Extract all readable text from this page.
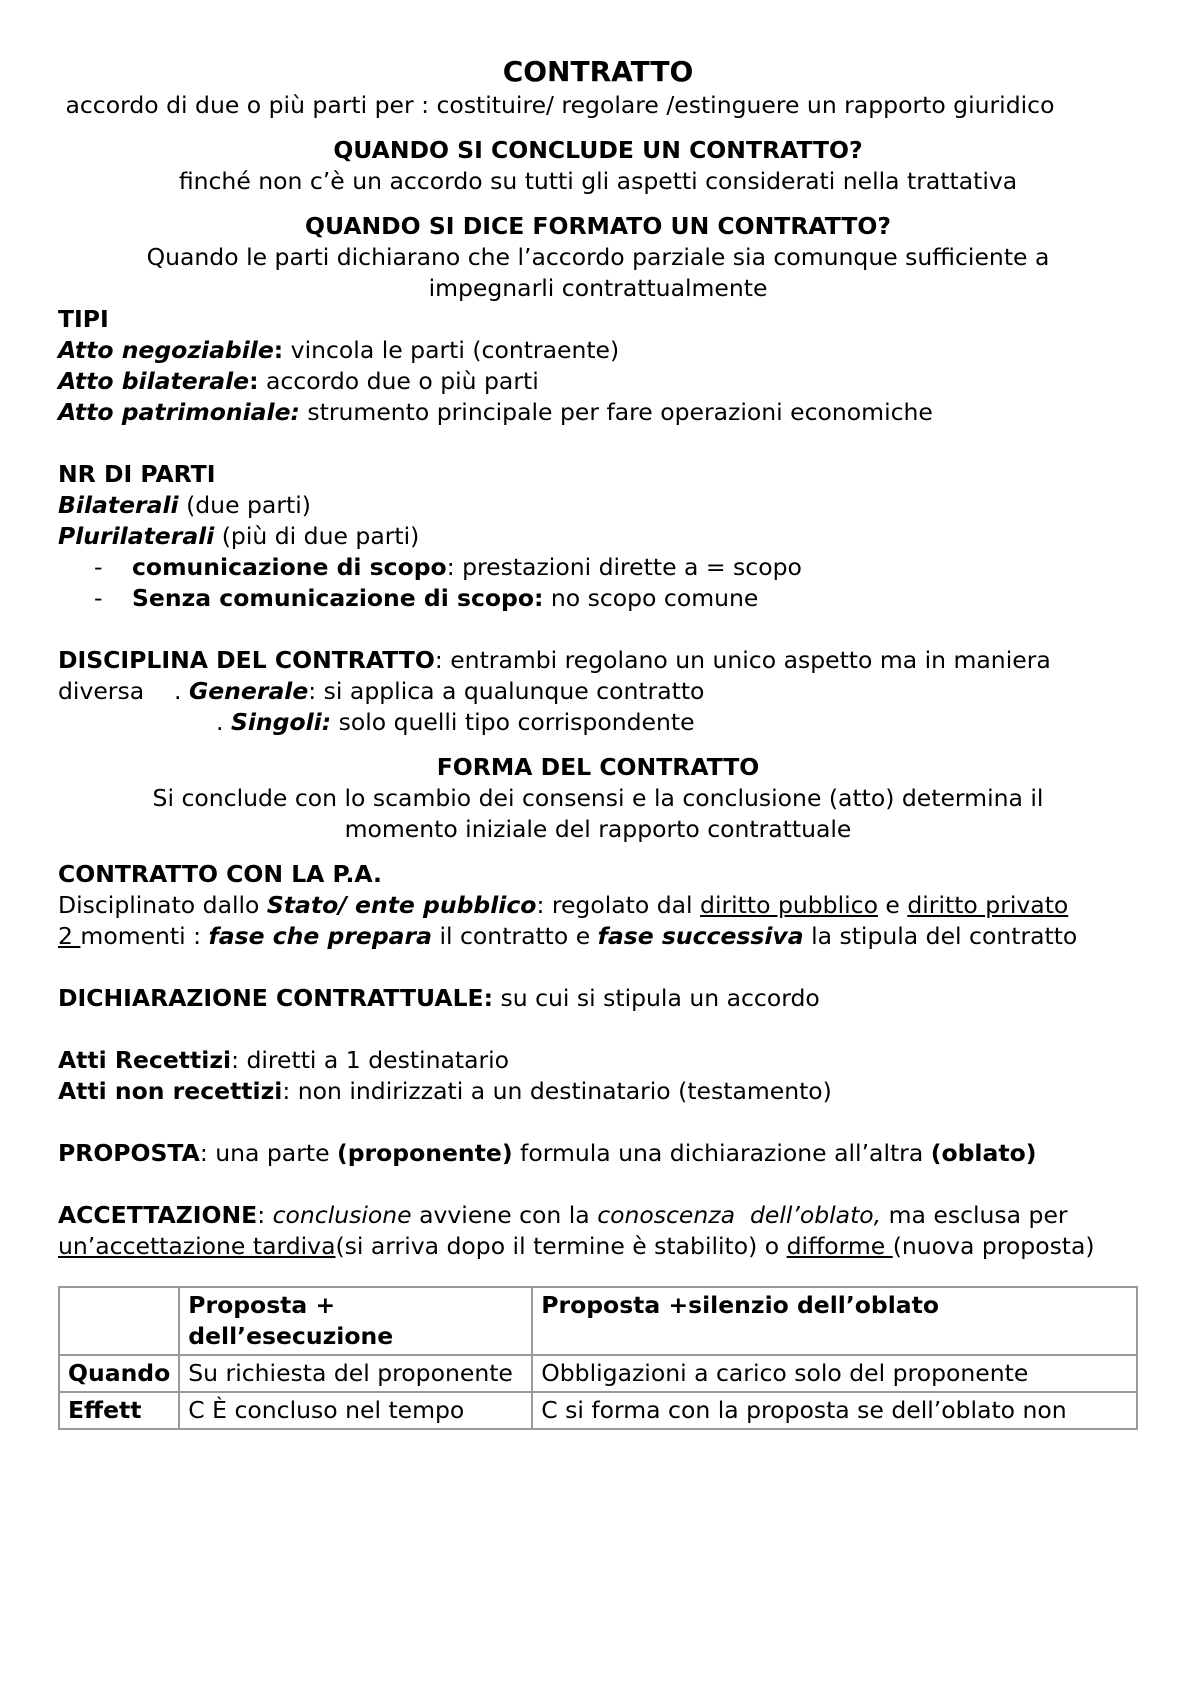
CONTRATTO
accordo di due o più parti per : costituire/ regolare /estinguere un rapporto giuridico
QUANDO SI CONCLUDE UN CONTRATTO?
finché non c’è un accordo su tutti gli aspetti considerati nella trattativa
QUANDO SI DICE FORMATO UN CONTRATTO?
Quando le parti dichiarano che l’accordo parziale sia comunque sufficiente a impegnarli contrattualmente
TIPI
Atto negoziabile: vincola le parti (contraente)
Atto bilaterale: accordo due o più parti
Atto patrimoniale: strumento principale per fare operazioni economiche
NR DI PARTI
Bilaterali (due parti)
Plurilaterali (più di due parti)
- comunicazione di scopo: prestazioni dirette a = scopo
- Senza comunicazione di scopo: no scopo comune
DISCIPLINA DEL CONTRATTO: entrambi regolano un unico aspetto ma in maniera diversa    . Generale: si applica a qualunque contratto
. Singoli: solo quelli tipo corrispondente
FORMA DEL CONTRATTO
Si conclude con lo scambio dei consensi e la conclusione (atto) determina il momento iniziale del rapporto contrattuale
CONTRATTO CON LA P.A.
Disciplinato dallo Stato/ ente pubblico: regolato dal diritto pubblico e diritto privato
2 momenti : fase che prepara il contratto e fase successiva la stipula del contratto
DICHIARAZIONE CONTRATTUALE: su cui si stipula un accordo
Atti Recettizi: diretti a 1 destinatario
Atti non recettizi: non indirizzati a un destinatario (testamento)
PROPOSTA: una parte (proponente) formula una dichiarazione all’altra (oblato)
ACCETTAZIONE: conclusione avviene con la conoscenza  dell’oblato, ma esclusa per un’accettazione tardiva(si arriva dopo il termine è stabilito) o difforme (nuova proposta)
	Proposta + dell’esecuzione	Proposta +silenzio dell’oblato
Quando	Su richiesta del proponente	Obbligazioni a carico solo del proponente
Effett	C È concluso nel tempo	C si forma con la proposta se dell’oblato non
